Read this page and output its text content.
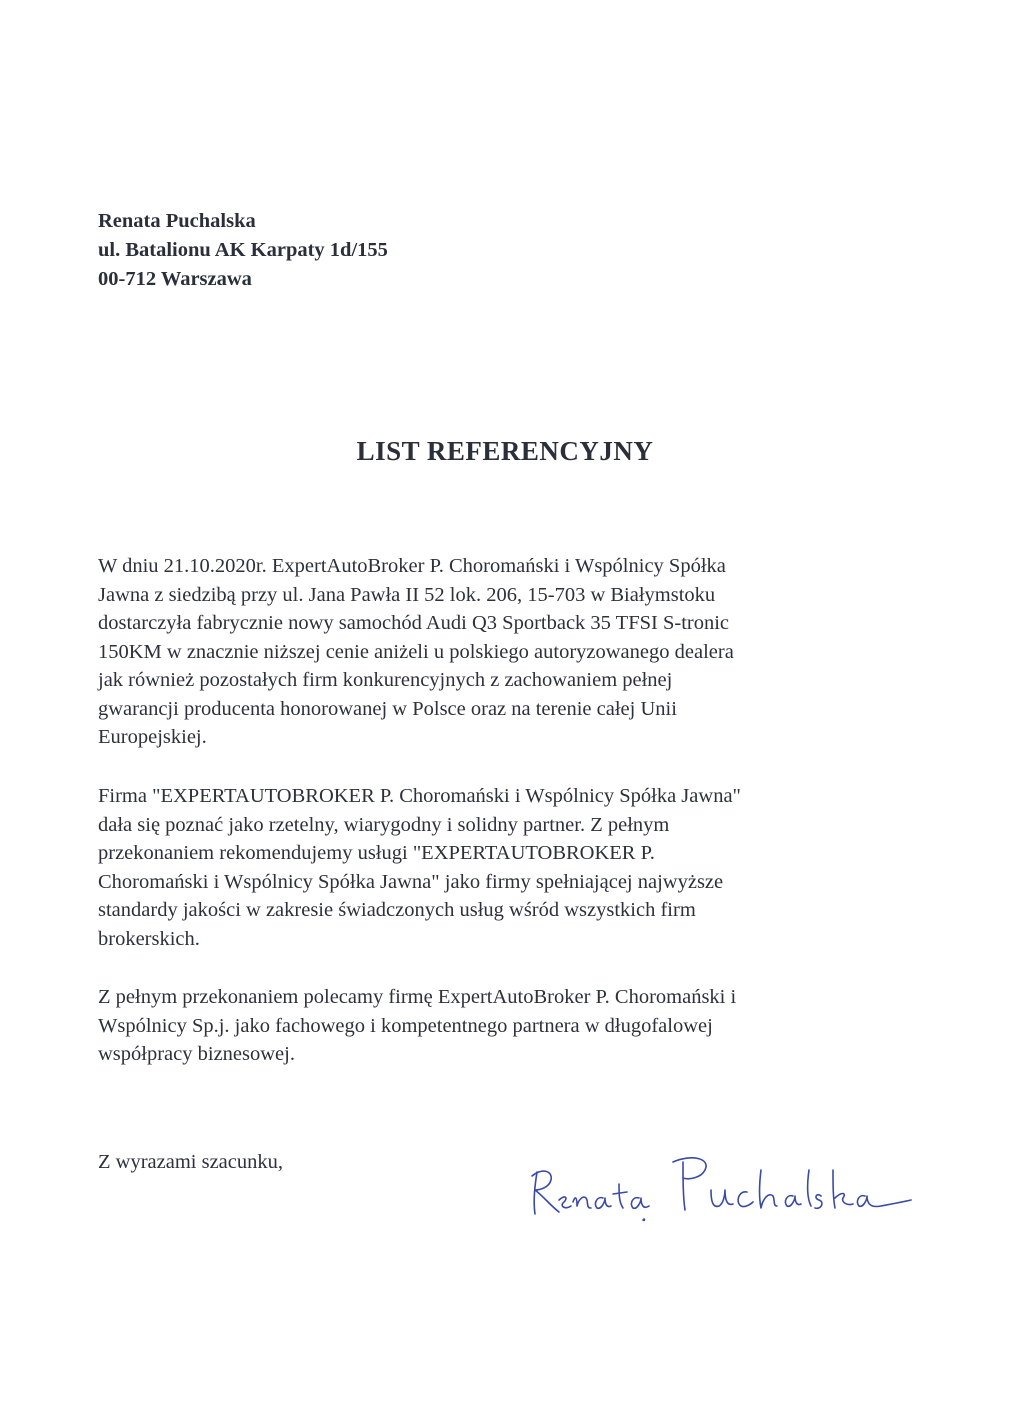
Renata Puchalska
ul. Batalionu AK Karpaty 1d/155
00-712 Warszawa
LIST REFERENCYJNY
W dniu 21.10.2020r. ExpertAutoBroker P. Choromański i Wspólnicy Spółka
Jawna z siedzibą przy ul. Jana Pawła II 52 lok. 206, 15-703 w Białymstoku
dostarczyła fabrycznie nowy samochód Audi Q3 Sportback 35 TFSI S-tronic
150KM w znacznie niższej cenie aniżeli u polskiego autoryzowanego dealera
jak również pozostałych firm konkurencyjnych z zachowaniem pełnej
gwarancji producenta honorowanej w Polsce oraz na terenie całej Unii
Europejskiej.
Firma "EXPERTAUTOBROKER P. Choromański i Wspólnicy Spółka Jawna"
dała się poznać jako rzetelny, wiarygodny i solidny partner. Z pełnym
przekonaniem rekomendujemy usługi "EXPERTAUTOBROKER P.
Choromański i Wspólnicy Spółka Jawna" jako firmy spełniającej najwyższe
standardy jakości w zakresie świadczonych usług wśród wszystkich firm
brokerskich.
Z pełnym przekonaniem polecamy firmę ExpertAutoBroker P. Choromański i
Wspólnicy Sp.j. jako fachowego i kompetentnego partnera w długofalowej
współpracy biznesowej.
Z wyrazami szacunku,
